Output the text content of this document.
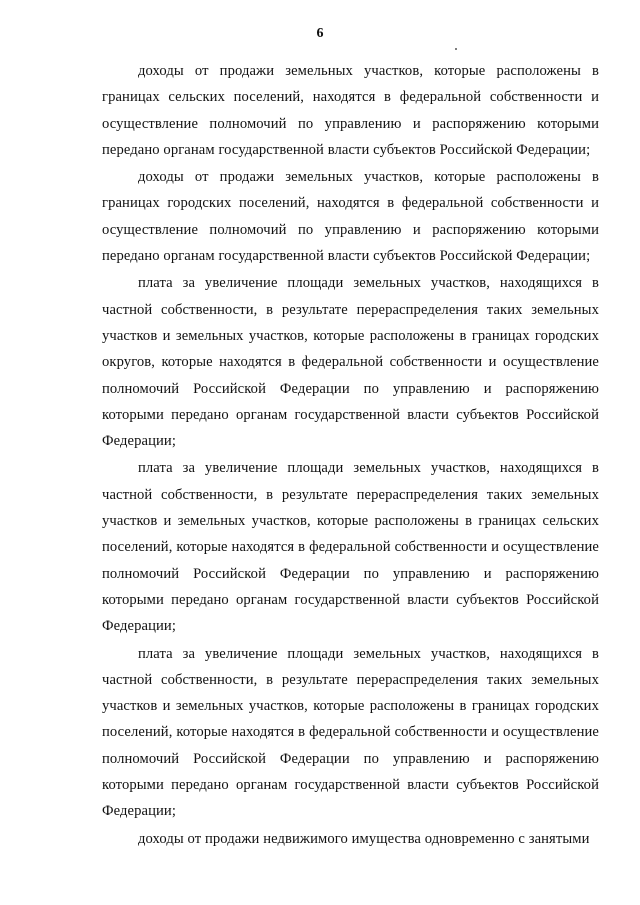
6

доходы от продажи земельных участков, которые расположены в границах сельских поселений, находятся в федеральной собственности и осуществление полномочий по управлению и распоряжению которыми передано органам государственной власти субъектов Российской Федерации;

доходы от продажи земельных участков, которые расположены в границах городских поселений, находятся в федеральной собственности и осуществление полномочий по управлению и распоряжению которыми передано органам государственной власти субъектов Российской Федерации;

плата за увеличение площади земельных участков, находящихся в частной собственности, в результате перераспределения таких земельных участков и земельных участков, которые расположены в границах городских округов, которые находятся в федеральной собственности и осуществление полномочий Российской Федерации по управлению и распоряжению которыми передано органам государственной власти субъектов Российской Федерации;

плата за увеличение площади земельных участков, находящихся в частной собственности, в результате перераспределения таких земельных участков и земельных участков, которые расположены в границах сельских поселений, которые находятся в федеральной собственности и осуществление полномочий Российской Федерации по управлению и распоряжению которыми передано органам государственной власти субъектов Российской Федерации;

плата за увеличение площади земельных участков, находящихся в частной собственности, в результате перераспределения таких земельных участков и земельных участков, которые расположены в границах городских поселений, которые находятся в федеральной собственности и осуществление полномочий Российской Федерации по управлению и распоряжению которыми передано органам государственной власти субъектов Российской Федерации;

доходы от продажи недвижимого имущества одновременно с занятыми
